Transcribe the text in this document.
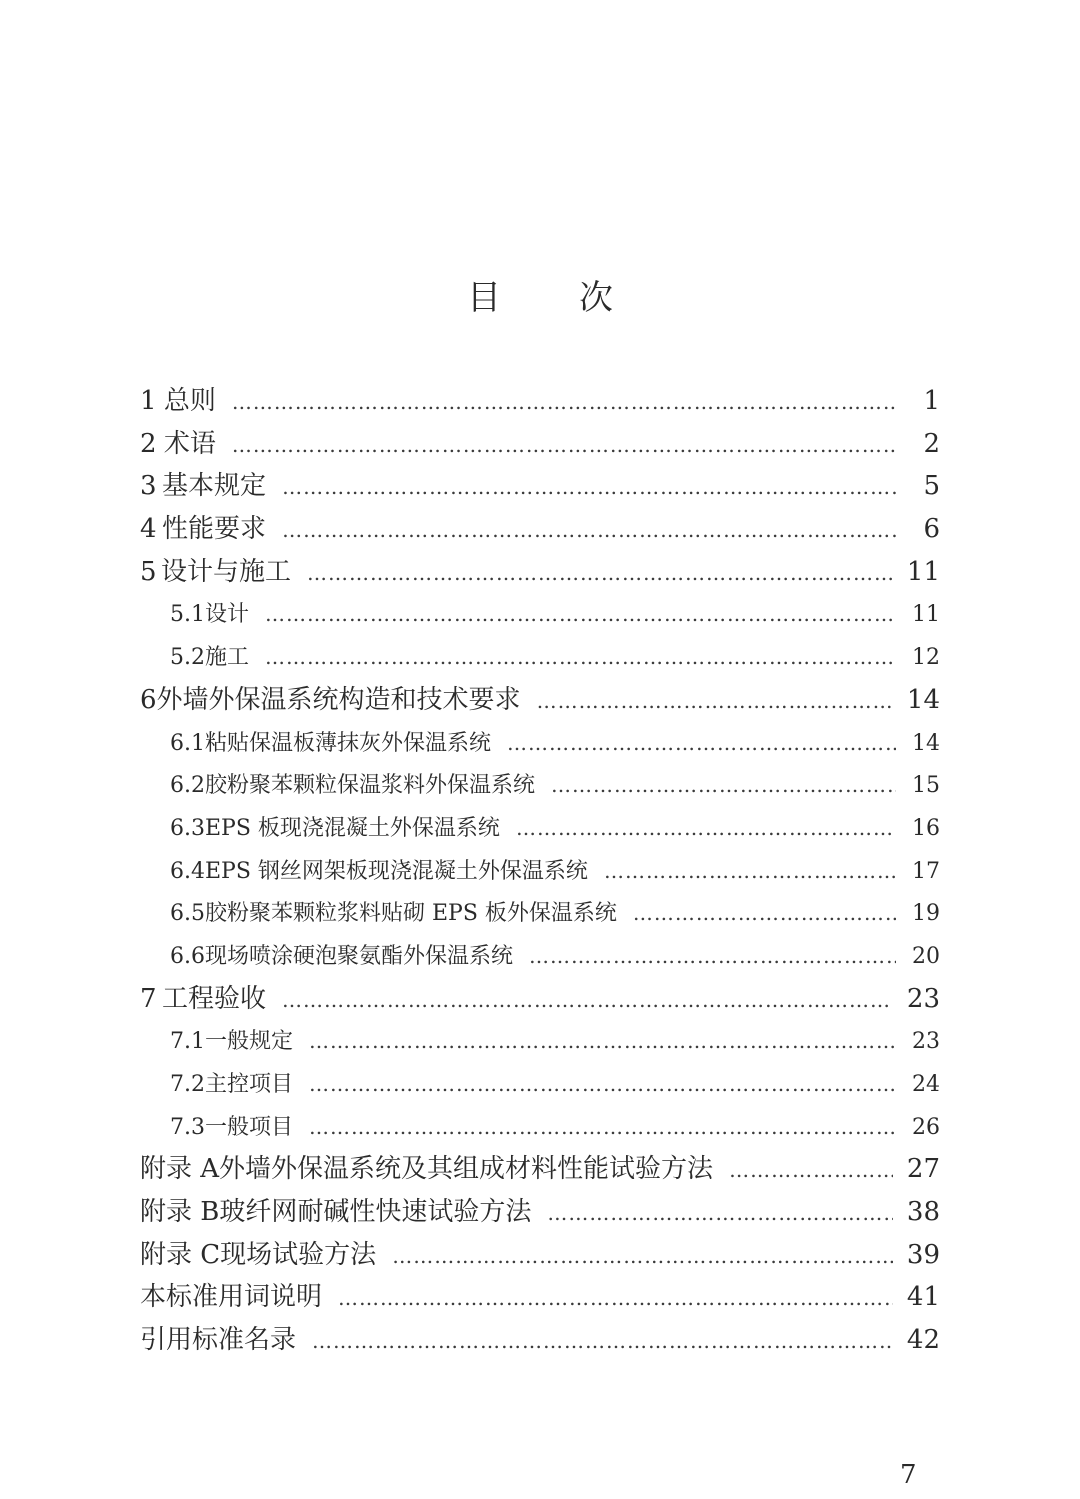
目 次
1 总则 …………………………………………………………………………………………………………………………………………………………………	1
2 术语 …………………………………………………………………………………………………………………………………………………………………	2
3 基本规定 …………………………………………………………………………………………………………………………………………………………………	5
4 性能要求 …………………………………………………………………………………………………………………………………………………………………	6
5 设计与施工 …………………………………………………………………………………………………………………………………………………………………	11
5.1 设计 …………………………………………………………………………………………………………………………………………………………………	11
5.2 施工 …………………………………………………………………………………………………………………………………………………………………	12
6 外墙外保温系统构造和技术要求 …………………………………………………………………………………………………………………………………………………………………	14
6.1 粘贴保温板薄抹灰外保温系统 …………………………………………………………………………………………………………………………………………………………………	14
6.2 胶粉聚苯颗粒保温浆料外保温系统 …………………………………………………………………………………………………………………………………………………………………	15
6.3 EPS 板现浇混凝土外保温系统 …………………………………………………………………………………………………………………………………………………………………	16
6.4 EPS 钢丝网架板现浇混凝土外保温系统 …………………………………………………………………………………………………………………………………………………………………	17
6.5 胶粉聚苯颗粒浆料贴砌 EPS 板外保温系统 …………………………………………………………………………………………………………………………………………………………………	19
6.6 现场喷涂硬泡聚氨酯外保温系统 …………………………………………………………………………………………………………………………………………………………………	20
7 工程验收 …………………………………………………………………………………………………………………………………………………………………	23
7.1 一般规定 …………………………………………………………………………………………………………………………………………………………………	23
7.2 主控项目 …………………………………………………………………………………………………………………………………………………………………	24
7.3 一般项目 …………………………………………………………………………………………………………………………………………………………………	26
附录 A 外墙外保温系统及其组成材料性能试验方法 …………………………………………………………………………………………………………………………………………………………………	27
附录 B 玻纤网耐碱性快速试验方法 …………………………………………………………………………………………………………………………………………………………………	38
附录 C 现场试验方法 …………………………………………………………………………………………………………………………………………………………………	39
本标准用词说明 …………………………………………………………………………………………………………………………………………………………………	41
引用标准名录 …………………………………………………………………………………………………………………………………………………………………	42
7
